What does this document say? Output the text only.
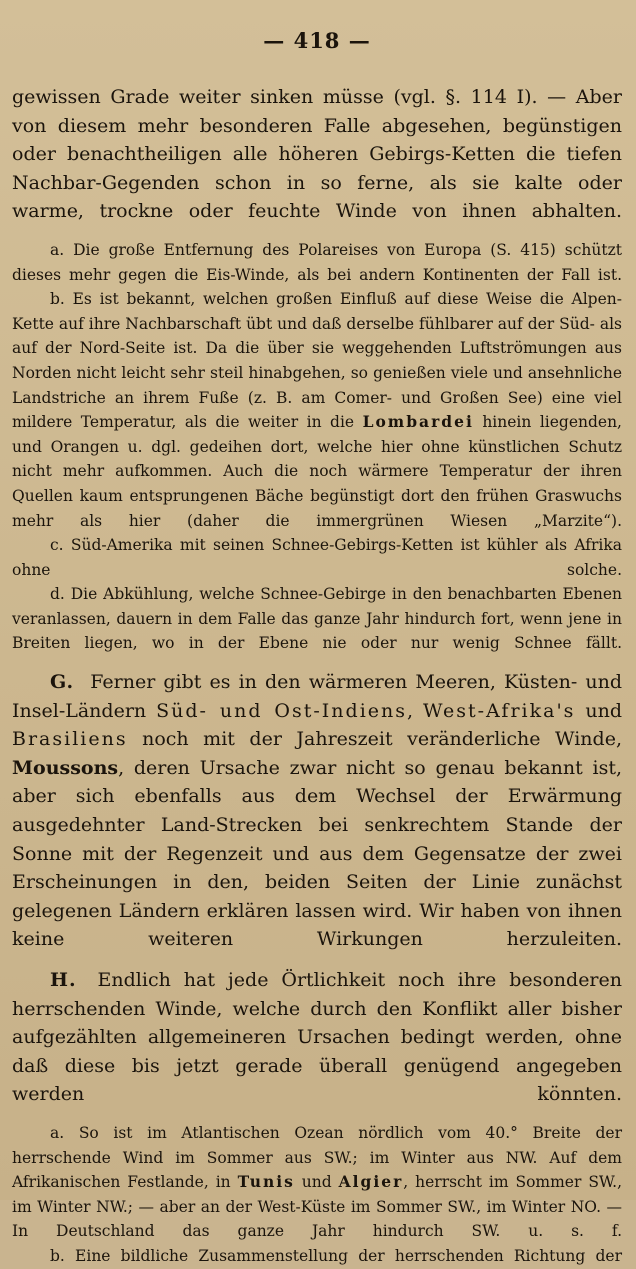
— 418 —

gewissen Grade weiter sinken müsse (vgl. §. 114 I). — Aber von diesem mehr besonderen Falle abgesehen, begünstigen oder benachtheiligen alle höheren Gebirgs-Ketten die tiefen Nachbar-Gegenden schon in so ferne, als sie kalte oder warme, trockne oder feuchte Winde von ihnen abhalten.

a. Die große Entfernung des Polareises von Europa (S. 415) schützt dieses mehr gegen die Eis-Winde, als bei andern Kontinenten der Fall ist.

b. Es ist bekannt, welchen großen Einfluß auf diese Weise die Alpen-Kette auf ihre Nachbarschaft übt und daß derselbe fühlbarer auf der Süd- als auf der Nord-Seite ist. Da die über sie weggehenden Luftströmungen aus Norden nicht leicht sehr steil hinabgehen, so genießen viele und ansehnliche Landstriche an ihrem Fuße (z. B. am Comer- und Großen See) eine viel mildere Temperatur, als die weiter in die Lombardei hinein liegenden, und Orangen u. dgl. gedeihen dort, welche hier ohne künstlichen Schutz nicht mehr aufkommen. Auch die noch wärmere Temperatur der ihren Quellen kaum entsprungenen Bäche begünstigt dort den frühen Graswuchs mehr als hier (daher die immergrünen Wiesen „Marzite“).

c. Süd-Amerika mit seinen Schnee-Gebirgs-Ketten ist kühler als Afrika ohne solche.

d. Die Abkühlung, welche Schnee-Gebirge in den benachbarten Ebenen veranlassen, dauern in dem Falle das ganze Jahr hindurch fort, wenn jene in Breiten liegen, wo in der Ebene nie oder nur wenig Schnee fällt.

G. Ferner gibt es in den wärmeren Meeren, Küsten- und Insel-Ländern Süd- und Ost-Indiens, West-Afrika's und Brasiliens noch mit der Jahreszeit veränderliche Winde, Moussons, deren Ursache zwar nicht so genau bekannt ist, aber sich ebenfalls aus dem Wechsel der Erwärmung ausgedehnter Land-Strecken bei senkrechtem Stande der Sonne mit der Regenzeit und aus dem Gegensatze der zwei Erscheinungen in den, beiden Seiten der Linie zunächst gelegenen Ländern erklären lassen wird. Wir haben von ihnen keine weiteren Wirkungen herzuleiten.

H. Endlich hat jede Örtlichkeit noch ihre besonderen herrschenden Winde, welche durch den Konflikt aller bisher aufgezählten allgemeineren Ursachen bedingt werden, ohne daß diese bis jetzt gerade überall genügend angegeben werden könnten.

a. So ist im Atlantischen Ozean nördlich vom 40.° Breite der herrschende Wind im Sommer aus SW.; im Winter aus NW. Auf dem Afrikanischen Festlande, in Tunis und Algier, herrscht im Sommer SW., im Winter NW.; — aber an der West-Küste im Sommer SW., im Winter NO. — In Deutschland das ganze Jahr hindurch SW. u. s. f.

b. Eine bildliche Zusammenstellung der herrschenden Richtung der
